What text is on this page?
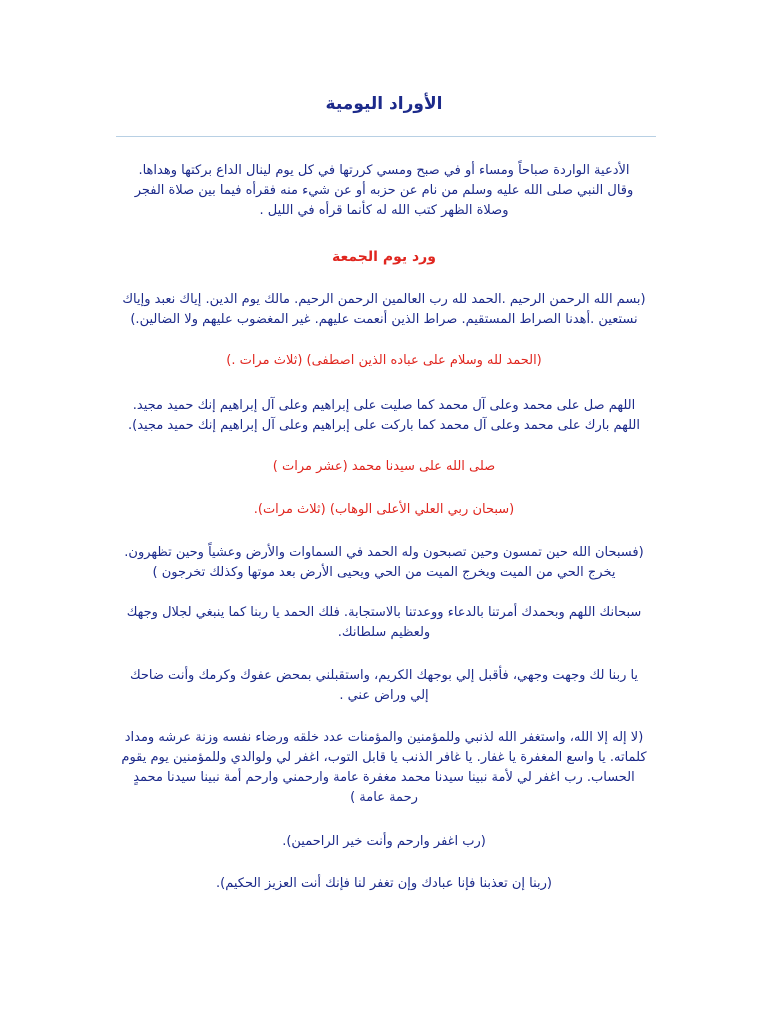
الأوراد اليومية
الأدعية الواردة صباحاً ومساء أو في صبح ومسي كررتها في كل يوم لينال الداع بركتها وهداها.
وقال النبي صلى الله عليه وسلم من نام عن حزبه أو عن شيء منه فقرأه فيما بين صلاة الفجر
وصلاة الظهر كتب الله له كأنما قرأه في الليل .
ورد يوم الجمعة
(بسم الله الرحمن الرحيم .الحمد لله رب العالمين الرحمن الرحيم. مالك يوم الدين. إياك نعبد وإياك
نستعين .أهدنا الصراط المستقيم. صراط الذين أنعمت عليهم. غير المغضوب عليهم ولا الضالين.)
(الحمد لله وسلام على عباده الذين اصطفى) (ثلاث مرات .)
اللهم صل على محمد وعلى آل محمد كما صليت على إبراهيم وعلى آل إبراهيم إنك حميد مجيد.
اللهم بارك على محمد وعلى آل محمد كما باركت على إبراهيم وعلى آل إبراهيم إنك حميد مجيد).
صلى الله على سيدنا محمد (عشر مرات )
(سبحان ربي العلي الأعلى الوهاب) (ثلاث مرات).
(فسبحان الله حين تمسون وحين تصبحون وله الحمد في السماوات والأرض وعشياً وحين تظهرون.
يخرج الحي من الميت ويخرج الميت من الحي ويحيى الأرض بعد موتها وكذلك تخرجون )
سبحانك اللهم وبحمدك أمرتنا بالدعاء ووعدتنا بالاستجابة. فلك الحمد يا ربنا كما ينبغي لجلال وجهك
ولعظيم سلطانك.
يا ربنا لك وجهت وجهي، فأقبل إلي بوجهك الكريم، واستقبلني بمحض عفوك وكرمك وأنت ضاحك
إلي وراض عني .
(لا إله إلا الله، واستغفر الله لذنبي وللمؤمنين والمؤمنات عدد خلقه ورضاء نفسه وزنة عرشه ومداد
كلماته. يا واسع المغفرة يا غفار. يا غافر الذنب يا قابل التوب، اغفر لي ولوالدي وللمؤمنين يوم يقوم
الحساب. رب اغفر لي لأمة نبينا سيدنا محمد مغفرة عامة وارحمني وارحم أمة نبينا سيدنا محمدٍ
رحمة عامة )
(رب اغفر وارحم وأنت خير الراحمين).
(ربنا إن تعذبنا فإنا عبادك وإن تغفر لنا فإنك أنت العزيز الحكيم).
